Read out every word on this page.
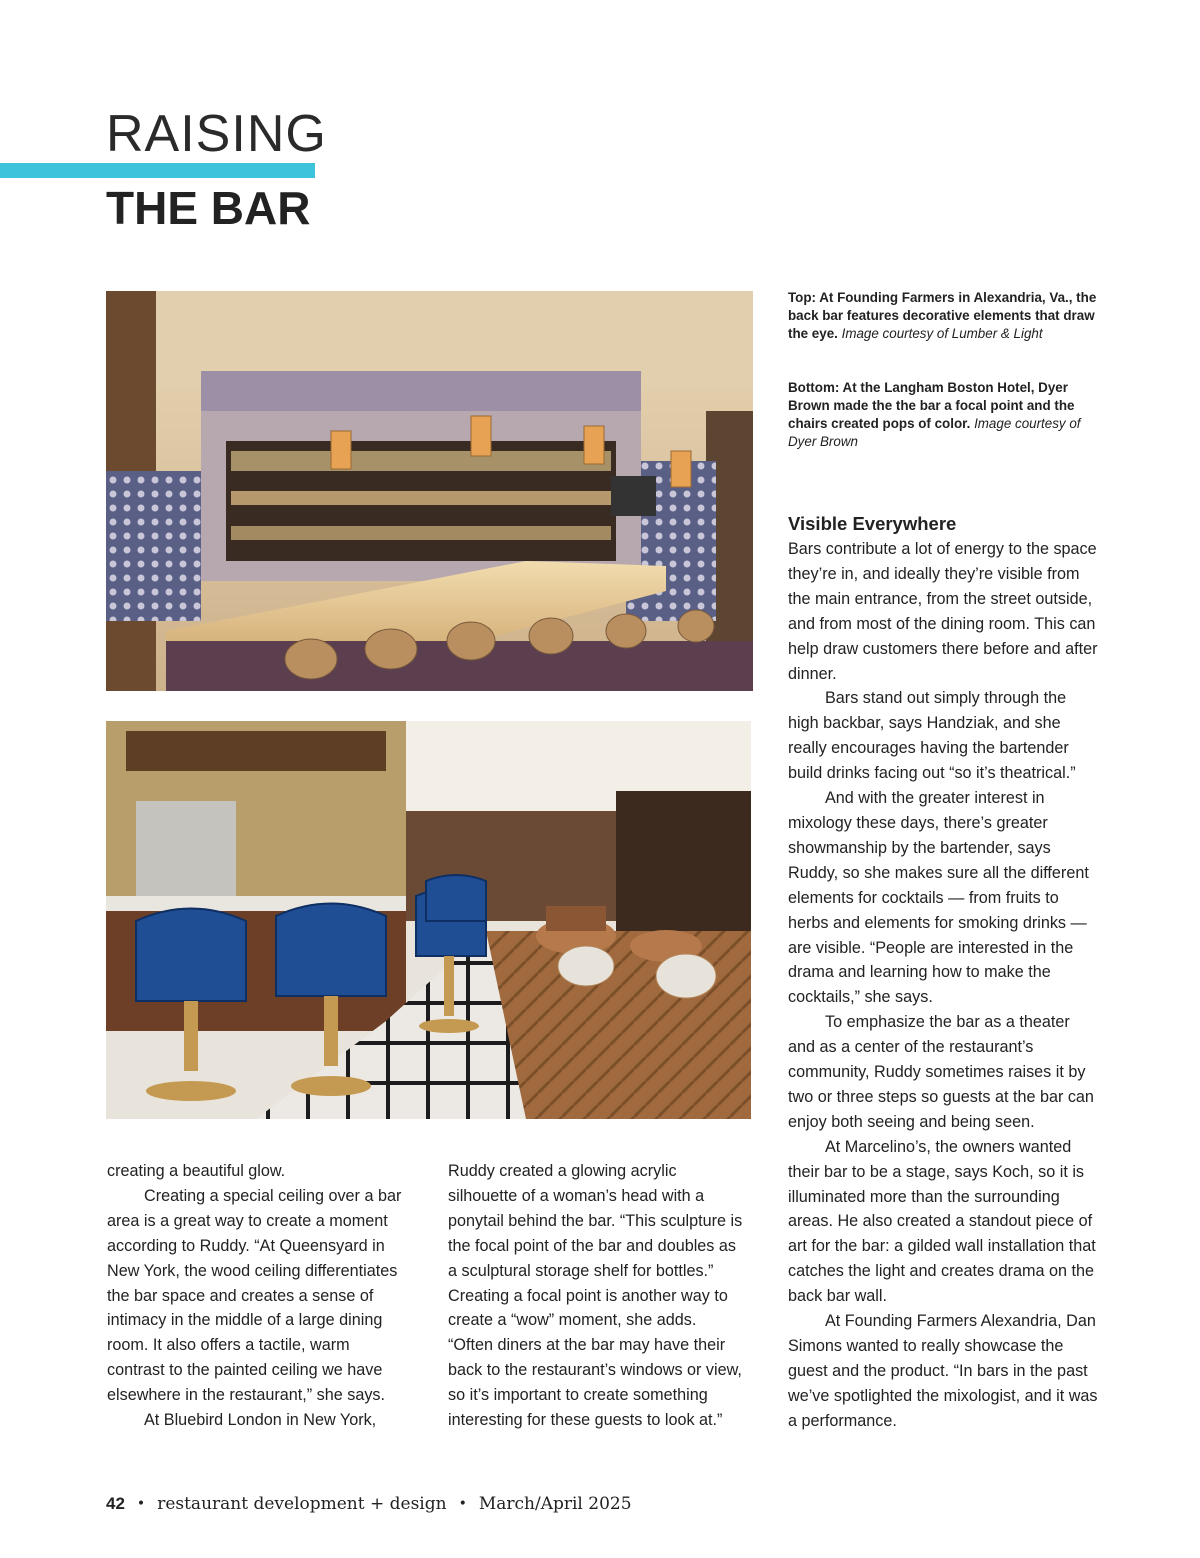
RAISING
THE BAR
Top: At Founding Farmers in Alexandria, Va., the back bar features decorative elements that draw the eye. Image courtesy of Lumber & Light
Bottom: At the Langham Boston Hotel, Dyer Brown made the the bar a focal point and the chairs created pops of color. Image courtesy of Dyer Brown
Visible Everywhere

Bars contribute a lot of energy to the space they’re in, and ideally they’re visible from the main entrance, from the street outside, and from most of the dining room. This can help draw customers there before and after dinner.

Bars stand out simply through the high backbar, says Handziak, and she really encourages having the bartender build drinks facing out “so it’s theatrical.”

And with the greater interest in mixology these days, there’s greater showmanship by the bartender, says Ruddy, so she makes sure all the different elements for cocktails — from fruits to herbs and elements for smoking drinks — are visible. “People are interested in the drama and learning how to make the cocktails,” she says.

To emphasize the bar as a theater and as a center of the restaurant’s community, Ruddy sometimes raises it by two or three steps so guests at the bar can enjoy both seeing and being seen.

At Marcelino’s, the owners wanted their bar to be a stage, says Koch, so it is illuminated more than the surrounding areas. He also created a standout piece of art for the bar: a gilded wall installation that catches the light and creates drama on the back bar wall.

At Founding Farmers Alexandria, Dan Simons wanted to really showcase the guest and the product. “In bars in the past we’ve spotlighted the mixologist, and it was a performance.

creating a beautiful glow.

Creating a special ceiling over a bar area is a great way to create a moment according to Ruddy. “At Queensyard in New York, the wood ceiling differentiates the bar space and creates a sense of intimacy in the middle of a large dining room. It also offers a tactile, warm contrast to the painted ceiling we have elsewhere in the restaurant,” she says.

At Bluebird London in New York,

Ruddy created a glowing acrylic silhouette of a woman’s head with a ponytail behind the bar. “This sculpture is the focal point of the bar and doubles as a sculptural storage shelf for bottles.” Creating a focal point is another way to create a “wow” moment, she adds. “Often diners at the bar may have their back to the restaurant’s windows or view, so it’s important to create something interesting for these guests to look at.”

42 • restaurant development + design • March/April 2025
